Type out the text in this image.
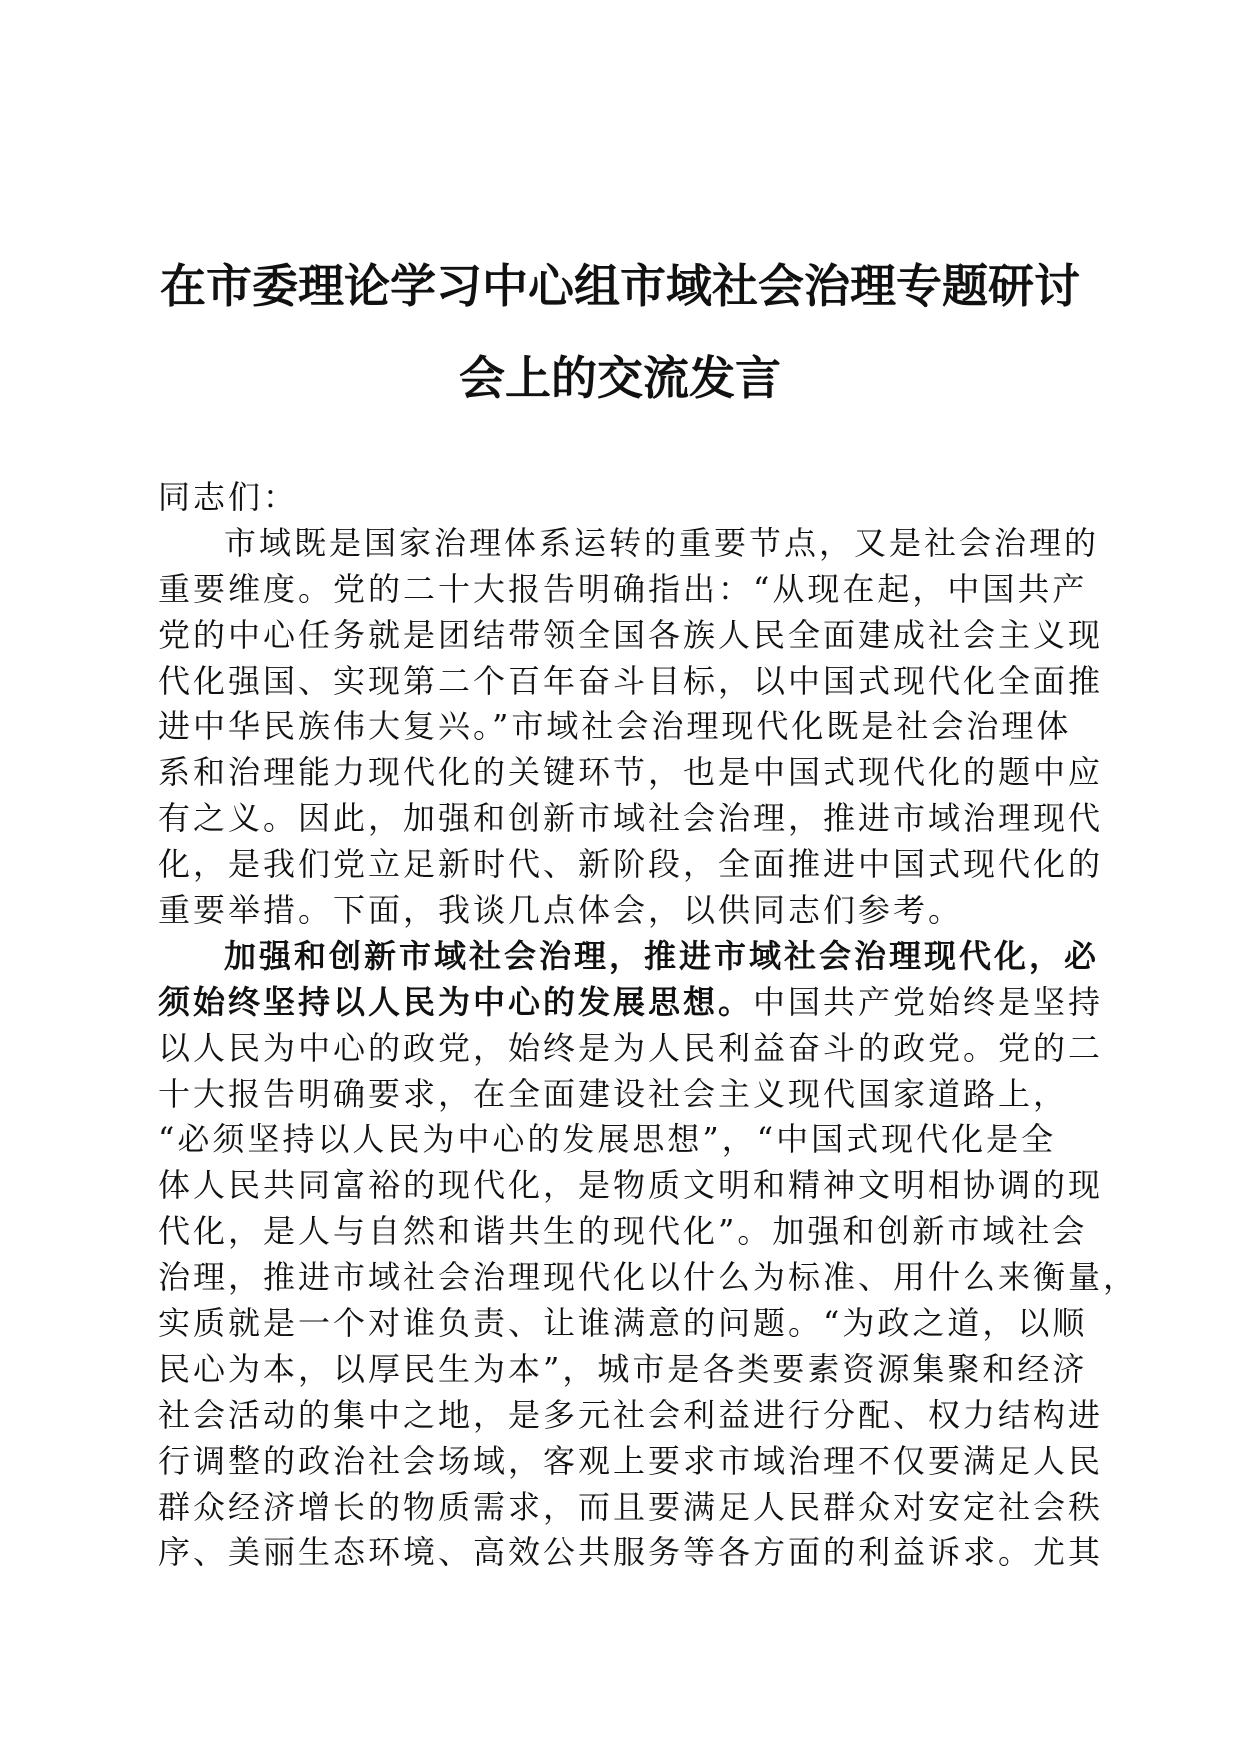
在市委理论学习中心组市域社会治理专题研讨
会上的交流发言
同志们：
市域既是国家治理体系运转的重要节点，又是社会治理的
重要维度。党的二十大报告明确指出：“从现在起，中国共产
党的中心任务就是团结带领全国各族人民全面建成社会主义现
代化强国、实现第二个百年奋斗目标，以中国式现代化全面推
进中华民族伟大复兴。”市域社会治理现代化既是社会治理体
系和治理能力现代化的关键环节，也是中国式现代化的题中应
有之义。因此，加强和创新市域社会治理，推进市域治理现代
化，是我们党立足新时代、新阶段，全面推进中国式现代化的
重要举措。下面，我谈几点体会，以供同志们参考。
加强和创新市域社会治理，推进市域社会治理现代化，必
须始终坚持以人民为中心的发展思想。中国共产党始终是坚持
以人民为中心的政党，始终是为人民利益奋斗的政党。党的二
十大报告明确要求，在全面建设社会主义现代国家道路上，
“必须坚持以人民为中心的发展思想”，“中国式现代化是全
体人民共同富裕的现代化，是物质文明和精神文明相协调的现
代化，是人与自然和谐共生的现代化”。加强和创新市域社会
治理，推进市域社会治理现代化以什么为标准、用什么来衡量，
实质就是一个对谁负责、让谁满意的问题。“为政之道，以顺
民心为本，以厚民生为本”，城市是各类要素资源集聚和经济
社会活动的集中之地，是多元社会利益进行分配、权力结构进
行调整的政治社会场域，客观上要求市域治理不仅要满足人民
群众经济增长的物质需求，而且要满足人民群众对安定社会秩
序、美丽生态环境、高效公共服务等各方面的利益诉求。尤其
